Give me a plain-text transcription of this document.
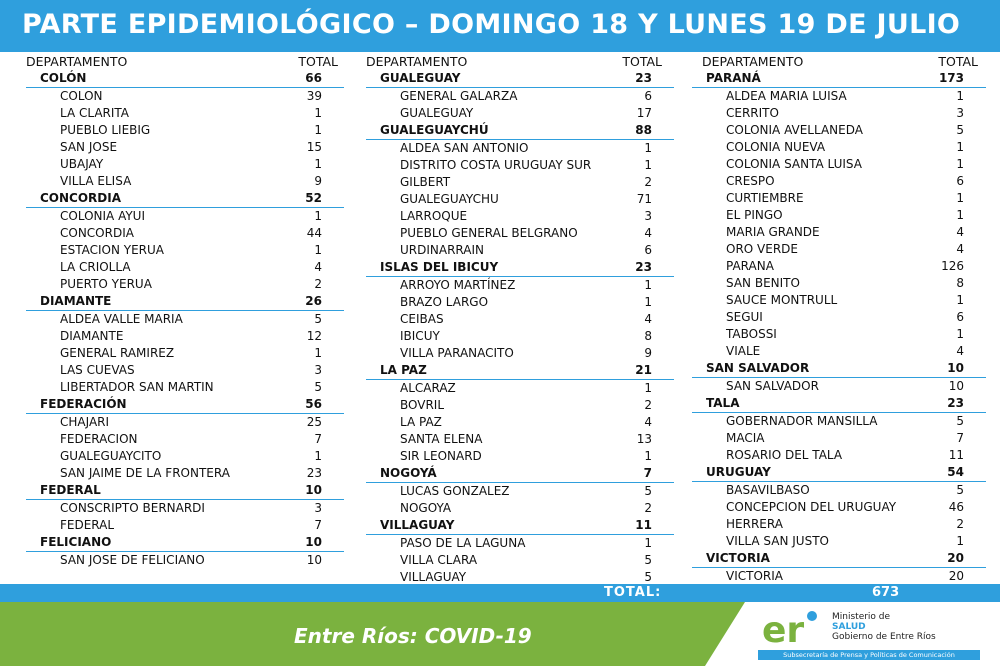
PARTE EPIDEMIOLÓGICO – DOMINGO 18 Y LUNES 19 DE JULIO
DEPARTAMENTO	TOTAL
COLÓN	66
COLON	39
LA CLARITA	1
PUEBLO LIEBIG	1
SAN JOSE	15
UBAJAY	1
VILLA ELISA	9
CONCORDIA	52
COLONIA AYUI	1
CONCORDIA	44
ESTACION YERUA	1
LA CRIOLLA	4
PUERTO YERUA	2
DIAMANTE	26
ALDEA VALLE MARIA	5
DIAMANTE	12
GENERAL RAMIREZ	1
LAS CUEVAS	3
LIBERTADOR SAN MARTIN	5
FEDERACIÓN	56
CHAJARI	25
FEDERACION	7
GUALEGUAYCITO	1
SAN JAIME DE LA FRONTERA	23
FEDERAL	10
CONSCRIPTO BERNARDI	3
FEDERAL	7
FELICIANO	10
SAN JOSE DE FELICIANO	10
DEPARTAMENTO	TOTAL
GUALEGUAY	23
GENERAL GALARZA	6
GUALEGUAY	17
GUALEGUAYCHÚ	88
ALDEA SAN ANTONIO	1
DISTRITO COSTA URUGUAY SUR	1
GILBERT	2
GUALEGUAYCHU	71
LARROQUE	3
PUEBLO GENERAL BELGRANO	4
URDINARRAIN	6
ISLAS DEL IBICUY	23
ARROYO MARTÍNEZ	1
BRAZO LARGO	1
CEIBAS	4
IBICUY	8
VILLA PARANACITO	9
LA PAZ	21
ALCARAZ	1
BOVRIL	2
LA PAZ	4
SANTA ELENA	13
SIR LEONARD	1
NOGOYÁ	7
LUCAS GONZALEZ	5
NOGOYA	2
VILLAGUAY	11
PASO DE LA LAGUNA	1
VILLA CLARA	5
VILLAGUAY	5
DEPARTAMENTO	TOTAL
PARANÁ	173
ALDEA MARIA LUISA	1
CERRITO	3
COLONIA AVELLANEDA	5
COLONIA NUEVA	1
COLONIA SANTA LUISA	1
CRESPO	6
CURTIEMBRE	1
EL PINGO	1
MARIA GRANDE	4
ORO VERDE	4
PARANA	126
SAN BENITO	8
SAUCE MONTRULL	1
SEGUI	6
TABOSSI	1
VIALE	4
SAN SALVADOR	10
SAN SALVADOR	10
TALA	23
GOBERNADOR MANSILLA	5
MACIA	7
ROSARIO DEL TALA	11
URUGUAY	54
BASAVILBASO	5
CONCEPCION DEL URUGUAY	46
HERRERA	2
VILLA SAN JUSTO	1
VICTORIA	20
VICTORIA	20
TOTAL:	673
Entre Ríos: COVID-19	er	Ministerio de
SALUD
Gobierno de Entre Ríos
Subsecretaría de Prensa y Políticas de Comunicación
